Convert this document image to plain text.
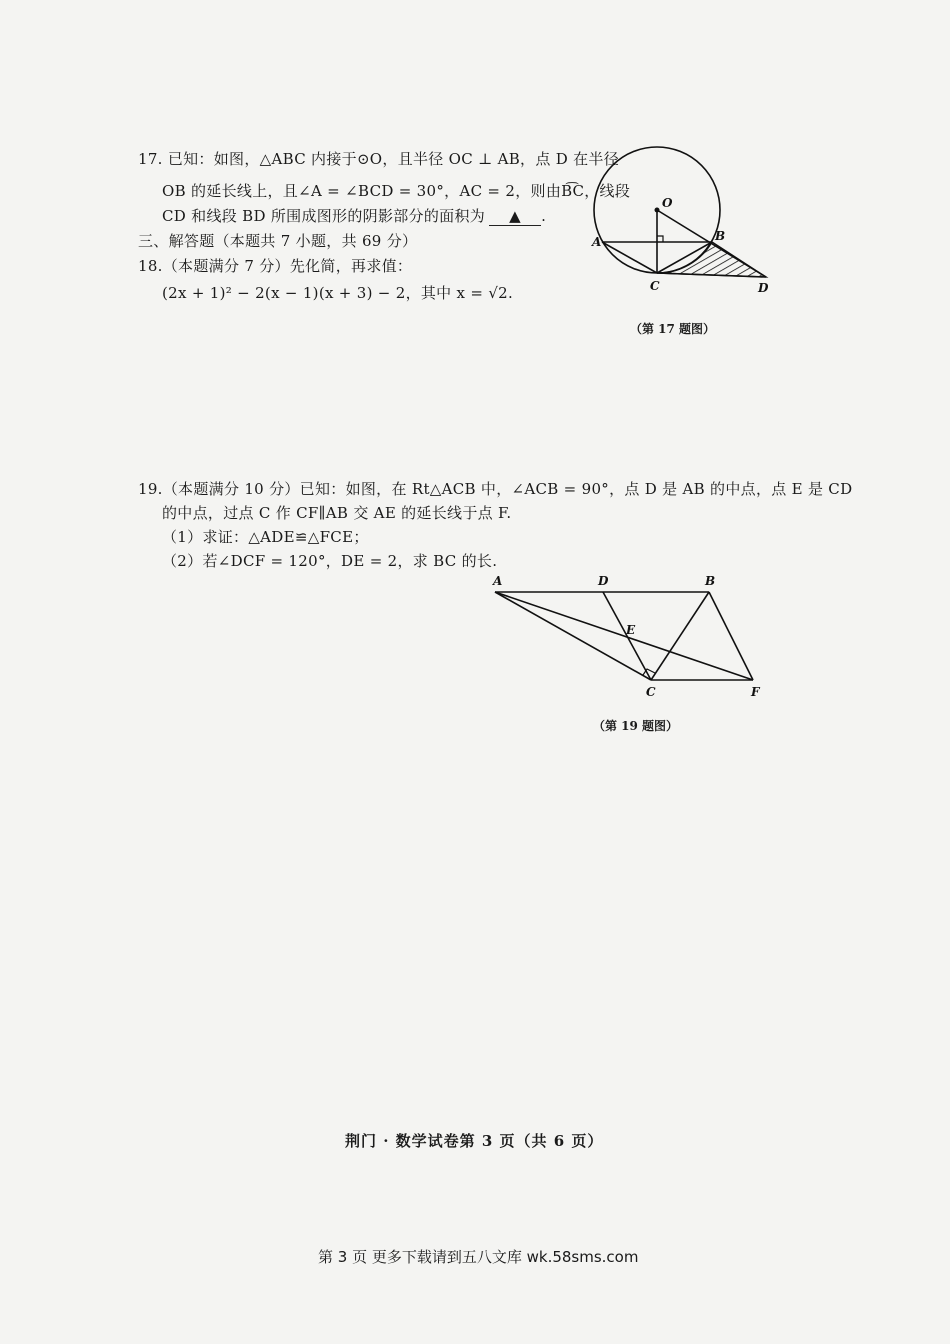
17. 已知：如图，△ABC 内接于⊙O，且半径 OC ⊥ AB，点 D 在半径
OB 的延长线上，且∠A = ∠BCD = 30°，AC = 2，则由B͡C，线段
CD 和线段 BD 所围成图形的阴影部分的面积为 ▲ .
三、解答题（本题共 7 小题，共 69 分）
18.（本题满分 7 分）先化简，再求值：
(2x + 1)² − 2(x − 1)(x + 3) − 2，其中 x = √2.
O
A	B
C	D
（第 17 题图）
19.（本题满分 10 分）已知：如图，在 Rt△ACB 中，∠ACB = 90°，点 D 是 AB 的中点，点 E 是 CD
的中点，过点 C 作 CF∥AB 交 AE 的延长线于点 F.
（1）求证：△ADE≌△FCE；
（2）若∠DCF = 120°，DE = 2，求 BC 的长.
A	D	B
E
C	F
（第 19 题图）
荆门 · 数学试卷第 3 页（共 6 页）
第 3 页 更多下载请到五八文库 wk.58sms.com
